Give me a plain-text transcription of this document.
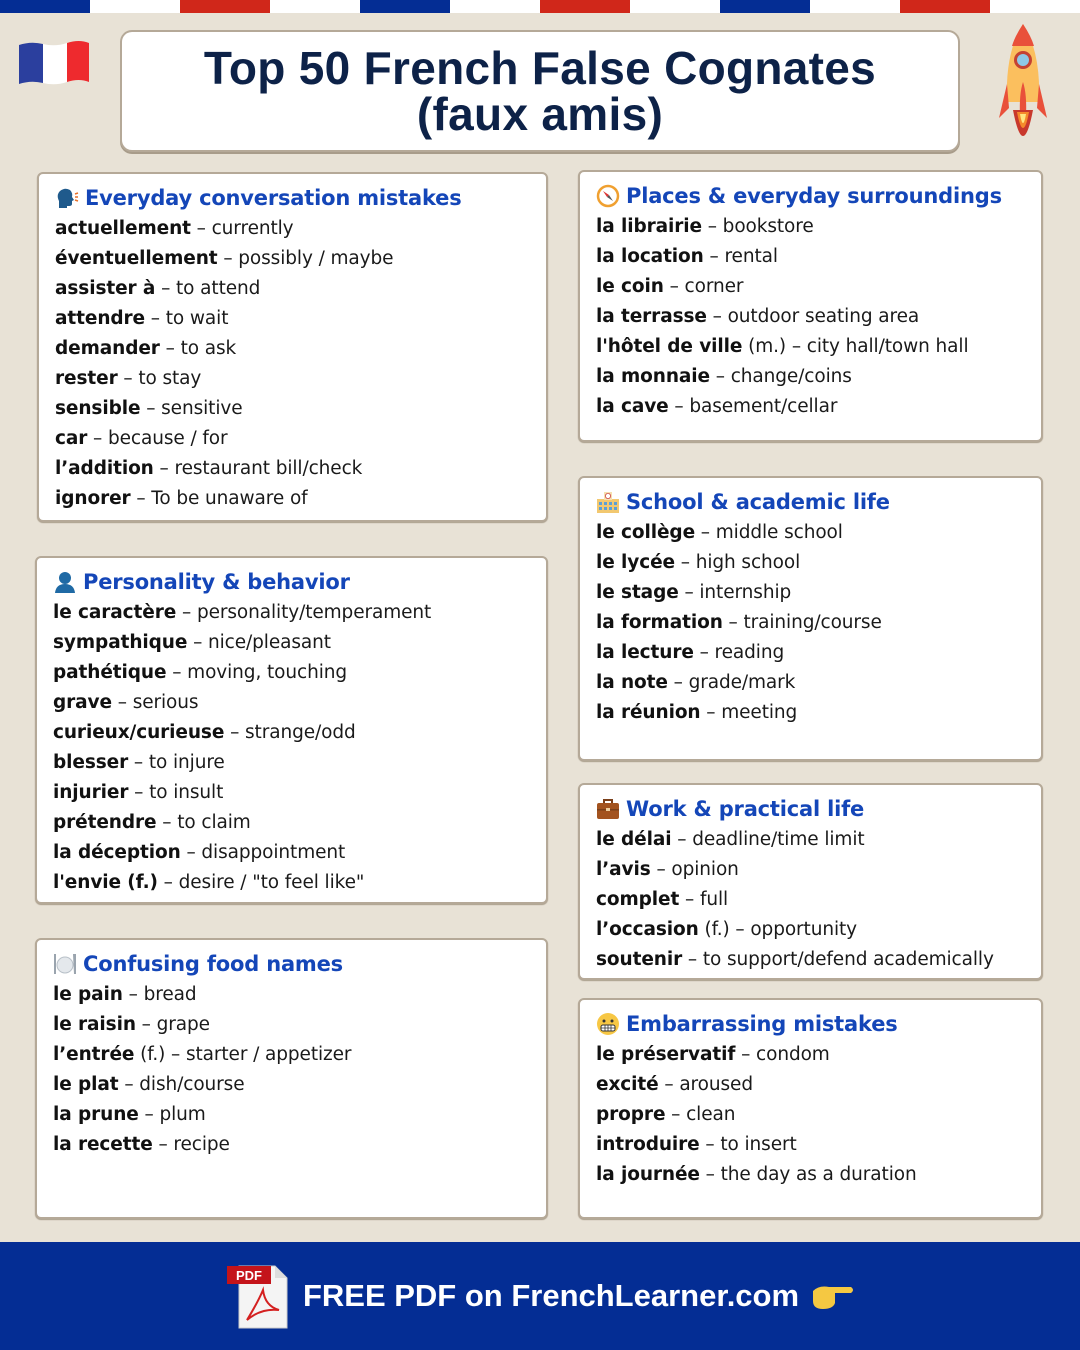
Top 50 French False Cognates
(faux amis)
Everyday conversation mistakes
actuellement – currently
éventuellement – possibly / maybe
assister à – to attend
attendre – to wait
demander – to ask
rester – to stay
sensible – sensitive
car – because / for
l’addition – restaurant bill/check
ignorer – To be unaware of
Personality & behavior
le caractère – personality/temperament
sympathique – nice/pleasant
pathétique – moving, touching
grave – serious
curieux/curieuse – strange/odd
blesser – to injure
injurier – to insult
prétendre – to claim
la déception – disappointment
l'envie (f.) – desire / "to feel like"
Confusing food names
le pain – bread
le raisin – grape
l’entrée (f.) – starter / appetizer
le plat – dish/course
la prune – plum
la recette – recipe
Places & everyday surroundings
la librairie – bookstore
la location – rental
le coin – corner
la terrasse – outdoor seating area
l'hôtel de ville (m.) – city hall/town hall
la monnaie – change/coins
la cave – basement/cellar
School & academic life
le collège – middle school
le lycée – high school
le stage – internship
la formation – training/course
la lecture – reading
la note – grade/mark
la réunion – meeting
Work & practical life
le délai – deadline/time limit
l’avis – opinion
complet – full
l’occasion (f.) – opportunity
soutenir – to support/defend academically
Embarrassing mistakes
le préservatif – condom
excité – aroused
propre – clean
introduire – to insert
la journée – the day as a duration
PDF
FREE PDF on FrenchLearner.com
